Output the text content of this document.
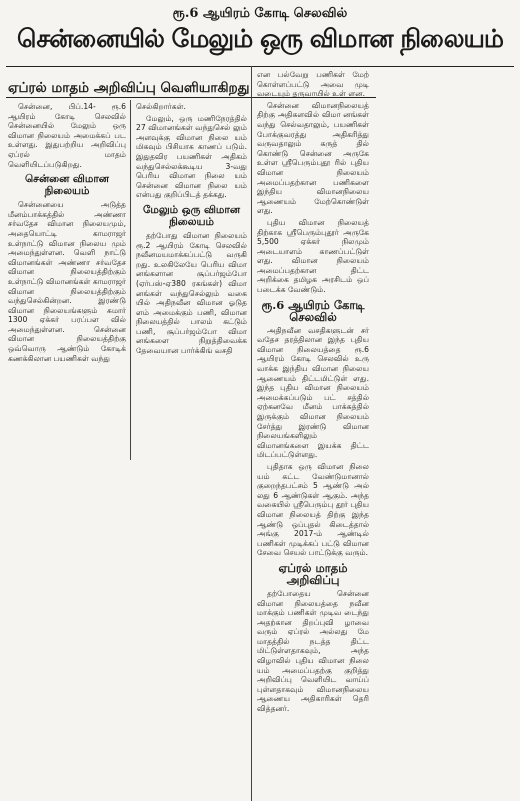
ரூ.6 ஆயிரம் கோடி செலவில்
சென்னையில் மேலும் ஒரு விமான நிலையம்
ஏப்ரல் மாதம் அறிவிப்பு வெளியாகிறது

சென்னை, பிப்.14- ரூ.6 ஆயிரம் கோடி செலவில் சென்னையில் மேலும் ஒரு விமான நிலையம் அமைக்கப் பட உள்ளது. இதுபற்றிய அறிவிப்பு ஏப்ரல் மாதம் வெளியிடப்படுகிறது.

சென்னை விமான நிலையம்

சென்னையை அடுத்த மீனம்பாக்கத்தில் அண்ணா சர்வதேச விமான நிலையமும், அதையொட்டி காமராஜர் உள்நாட்டு விமான நிலைய மும் அமைந்துள்ளன. வெளி நாட்டு விமானங்கள் அண்ணா சர்வதேச விமான நிலையத்திற்கும் உள்நாட்டு விமானங்கள் காமராஜர் விமான நிலையத்திற்கும் வந்துசெல்கின்றன. இரண்டு விமான நிலையங்களும் சுமார் 1300 ஏக்கர் பரப்பள வில் அமைந்துள்ளன. சென்னை விமான நிலையத்திற்கு ஒவ்வொரு ஆண்டும் கோடிக் கணக்கிலான பயணிகள் வந்து

செல்கிறார்கள்.

மேலும், ஒரு மணிநேரத்தில் 27 விமானங்கள் வந்துசெல் லும் அளவுக்கு விமான நிலை யம் மிகவும் பிசியாக காணப் படும். இதுதவிர பயணிகள் அதிகம் வந்துசெல்லக்கூடிய 3-வது பெரிய விமான நிலை யம் சென்னை விமான நிலை யம் என்பது குறிப்பிடத் தக்கது.

மேலும் ஒரு விமான நிலையம்

தற்போது விமான நிலையம் ரூ.2 ஆயிரம் கோடி செலவில் நவீனமயமாக்கப்பட்டு வருகி றது. உலகிலேயே பெரிய விமா னங்களான சூப்பர்ஜம்போ (ஏர்பஸ்-ஏ380 ரகங்கள்) விமா னங்கள் வந்துசெல்லும் வகை யில் அதிநவீன விமான ஓடுத ளம் அமைக்கும் பணி, விமான நிலையத்தில் பாலம் கட்டும் பணி, சூப்பர்ஜம்போ விமா னங்களை நிறுத்திவைக்க தேவையான பார்க்கிங் வசதி

என பல்வேறு பணிகள் மேற் கொள்ளப்பட்டு அவை முடி வடையும் தருவாயில் உள் ளன.

சென்னை விமானநிலையத் திற்கு அதிகளவில் விமா னங்கள் வந்து செல்வதாலும், பயணிகள் போக்குவரத்து அதிகரித்து வருவதாலும் கருத் தில் கொண்டு சென்னை அருகே உள்ள ஸ்ரீபெரும்புதூ ரில் புதிய விமான நிலையம் அமைப்பதற்கான பணிகளை இந்திய விமானநிலைய ஆணையம் மேற்கொண்டுள் ளது.

புதிய விமான நிலையத் திற்காக ஸ்ரீபெரும்புதூர் அருகே 5,500 ஏக்கர் நிலமும் அடையாளம் காணப்பட்டுள் ளது. விமான நிலையம் அமைப்பதற்கான திட்ட அறிக்கை தமிழக அரசிடம் ஒப் படைக்க வேண்டும்.

ரூ.6 ஆயிரம் கோடி செலவில்

அதிநவீன வசதிகளுடன் சர் வதேச தரத்திலான இந்த புதிய விமான நிலையத்தை ரூ.6 ஆயிரம் கோடி செலவில் உரு வாக்க இந்திய விமான நிலைய ஆணையம் திட்டமிட்டுள் ளது. இந்த புதிய விமான நிலையம் அமைக்கப்படும் பட் சத்தில் ஏற்கனவே மீனம் பாக்கத்தில் இருக்கும் விமான நிலையம் சேர்த்து இரண்டு விமான நிலையங்களிலும் விமானங்களை இயக்க திட்ட மிடப்பட்டுள்ளது.

புதிதாக ஒரு விமான நிலை யம் கட்ட வேண்டுமானால் குறைந்தபட்சம் 5 ஆண்டு அல் லது 6 ஆண்டுகள் ஆகும். அந்த வகையில் ஸ்ரீபெரும்பு தூர் புதிய விமான நிலையத் திற்கு இந்த ஆண்டு ஒப்புதல் கிடைத்தால் அங்கு 2017-ம் ஆண்டில் பணிகள் முடிக்கப் பட்டு விமான சேவை செயல் பாட்டுக்கு வரும்.

ஏப்ரல் மாதம் அறிவிப்பு

தற்போதைய சென்னை விமான நிலையத்தை நவீன மாக்கும் பணிகள் முடிவ டைந்து அதற்கான திறப்புவி ழாவை வரும் ஏப்ரல் அல்லது மே மாதத்தில் நடத்த திட்ட மிட்டுள்ளதாகவும், அந்த விழாவில் புதிய விமான நிலை யம் அமைப்பதற்கு குறித்து அறிவிப்பு வெளியிட வாய்ப் புள்ளதாகவும் விமானநிலைய ஆணைய அதிகாரிகள் தெரி வித்தனர்.
